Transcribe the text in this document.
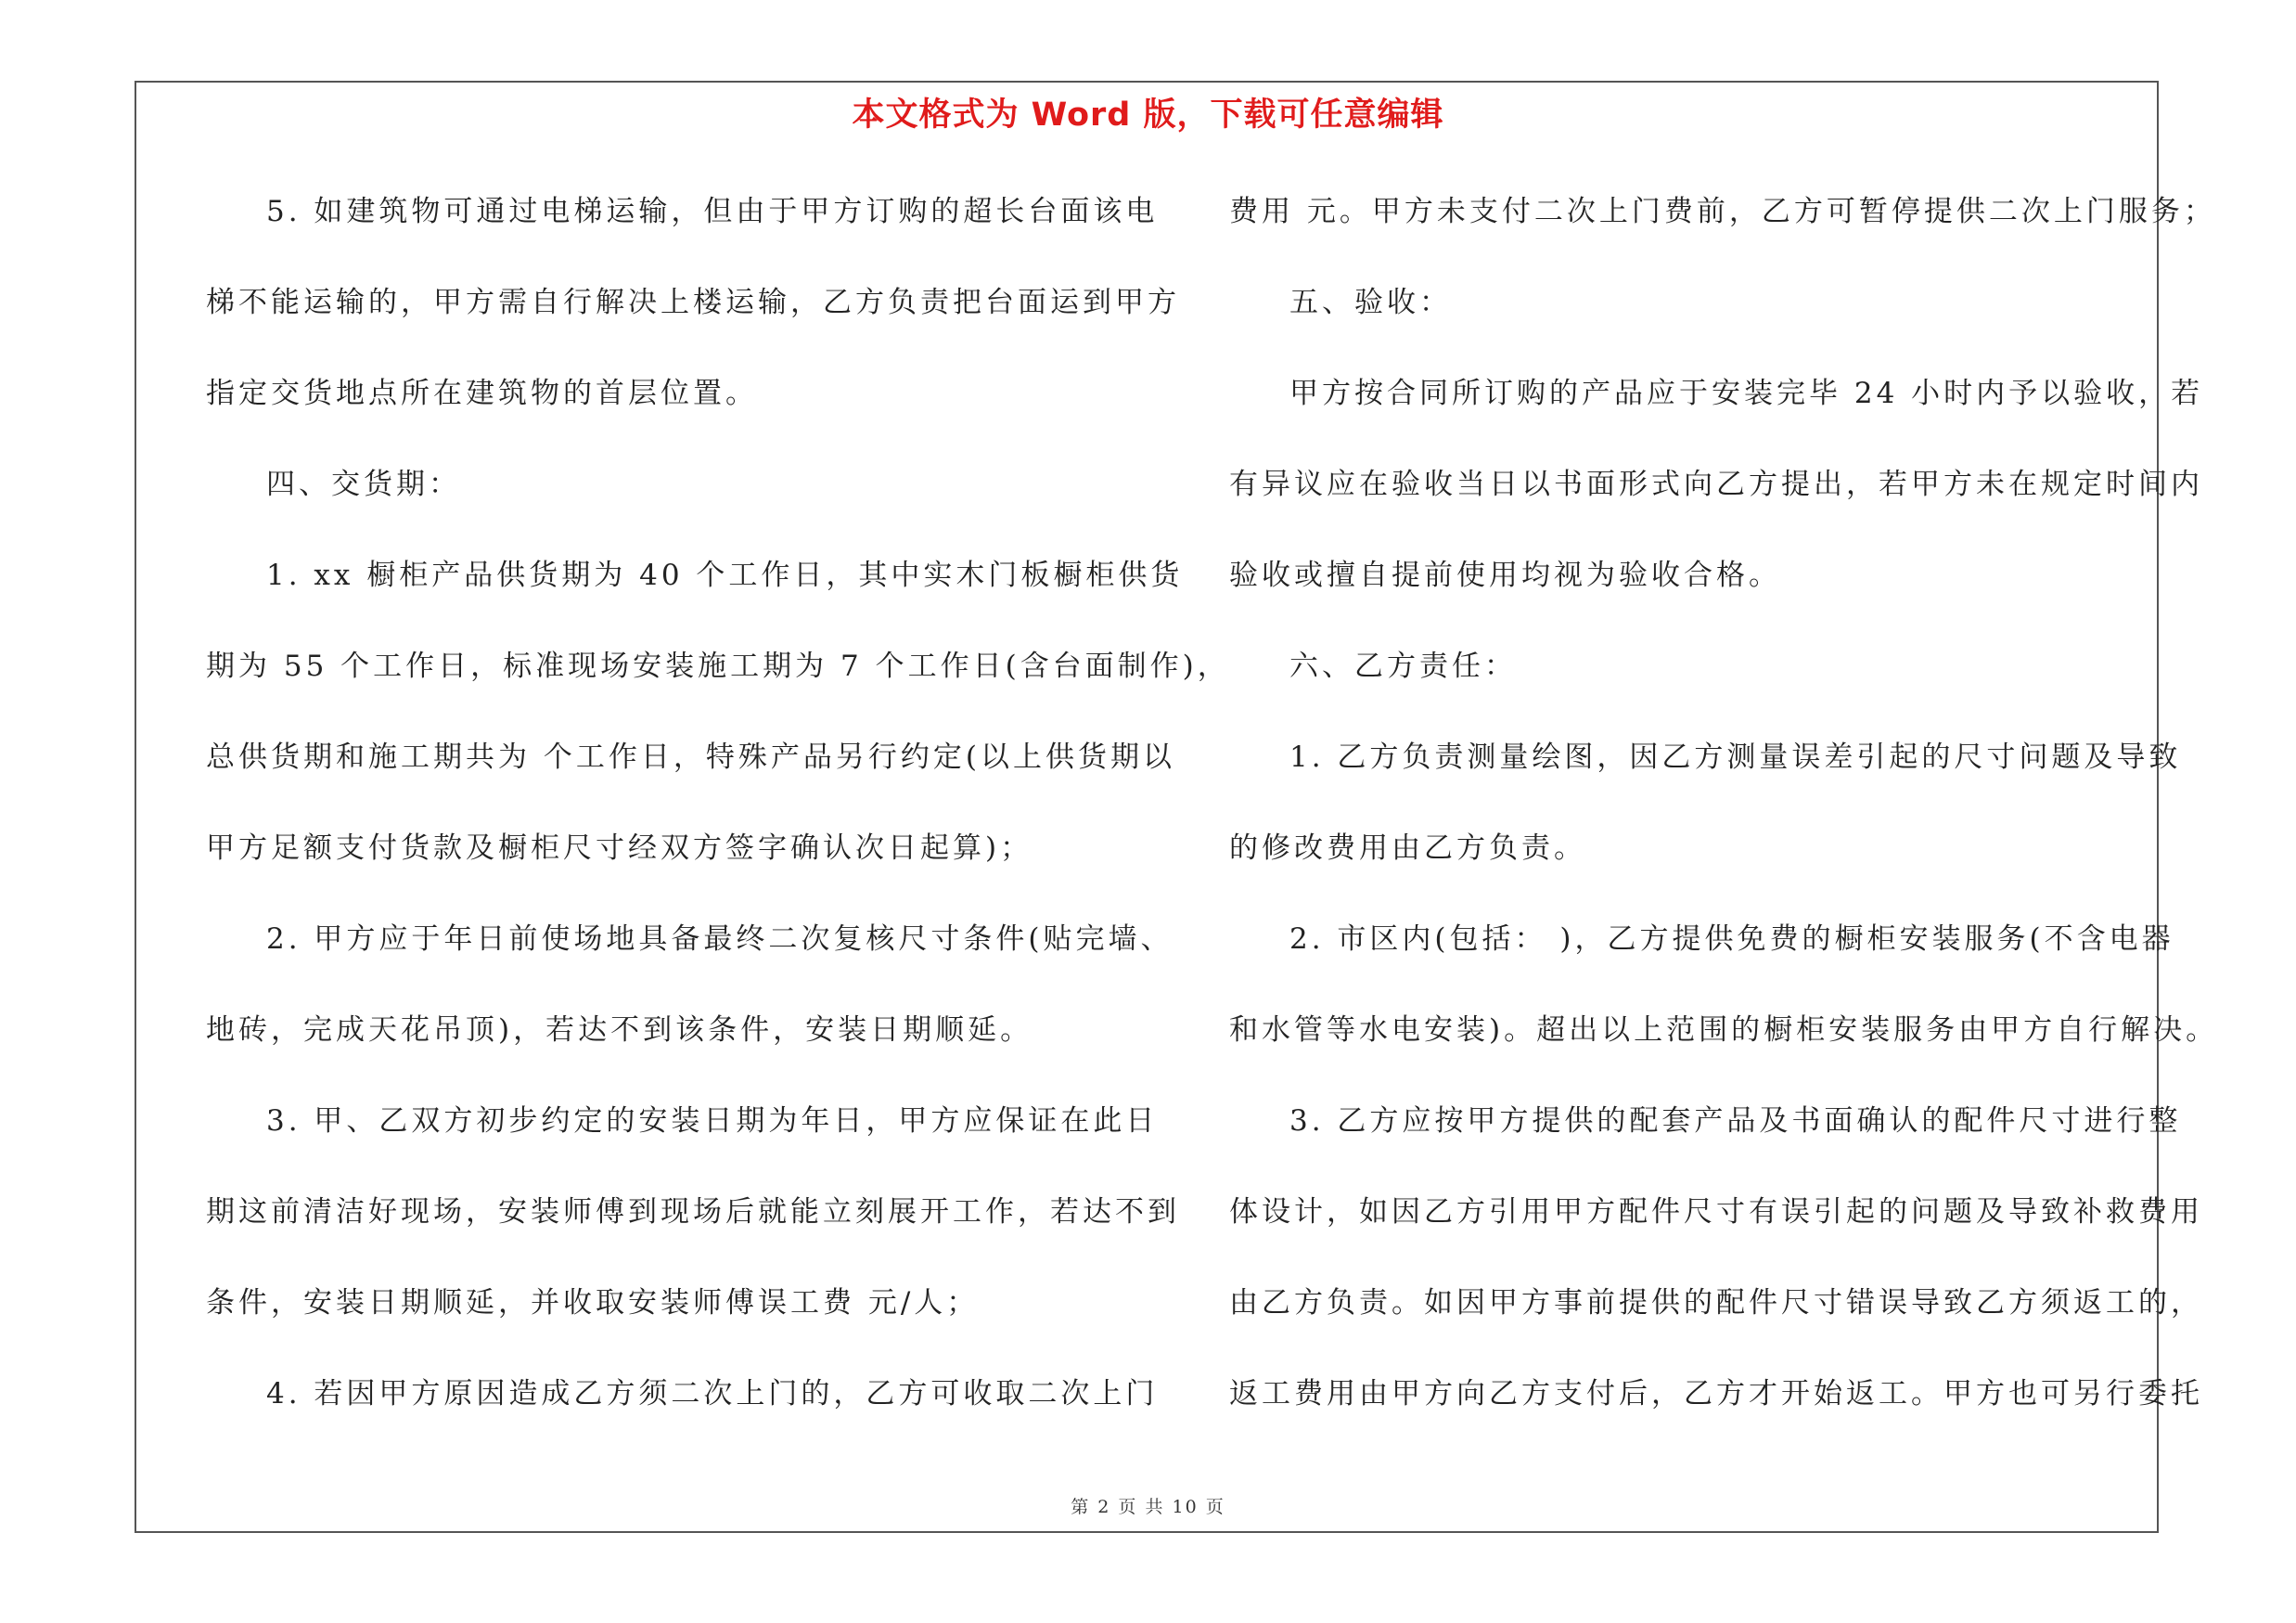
本文格式为 Word 版，下载可任意编辑
5. 如建筑物可通过电梯运输，但由于甲方订购的超长台面该电
梯不能运输的，甲方需自行解决上楼运输，乙方负责把台面运到甲方
指定交货地点所在建筑物的首层位置。
四、交货期：
1. xx 橱柜产品供货期为 40 个工作日，其中实木门板橱柜供货
期为 55 个工作日，标准现场安装施工期为 7 个工作日(含台面制作)，
总供货期和施工期共为 个工作日，特殊产品另行约定(以上供货期以
甲方足额支付货款及橱柜尺寸经双方签字确认次日起算)；
2. 甲方应于年日前使场地具备最终二次复核尺寸条件(贴完墙、
地砖，完成天花吊顶)，若达不到该条件，安装日期顺延。
3. 甲、乙双方初步约定的安装日期为年日，甲方应保证在此日
期这前清洁好现场，安装师傅到现场后就能立刻展开工作，若达不到
条件，安装日期顺延，并收取安装师傅误工费 元/人；
4. 若因甲方原因造成乙方须二次上门的，乙方可收取二次上门
费用 元。甲方未支付二次上门费前，乙方可暂停提供二次上门服务；
五、验收：
甲方按合同所订购的产品应于安装完毕 24 小时内予以验收，若
有异议应在验收当日以书面形式向乙方提出，若甲方未在规定时间内
验收或擅自提前使用均视为验收合格。
六、乙方责任：
1. 乙方负责测量绘图，因乙方测量误差引起的尺寸问题及导致
的修改费用由乙方负责。
2. 市区内(包括： )，乙方提供免费的橱柜安装服务(不含电器
和水管等水电安装)。超出以上范围的橱柜安装服务由甲方自行解决。
3. 乙方应按甲方提供的配套产品及书面确认的配件尺寸进行整
体设计，如因乙方引用甲方配件尺寸有误引起的问题及导致补救费用
由乙方负责。如因甲方事前提供的配件尺寸错误导致乙方须返工的，
返工费用由甲方向乙方支付后，乙方才开始返工。甲方也可另行委托
第 2 页 共 10 页
